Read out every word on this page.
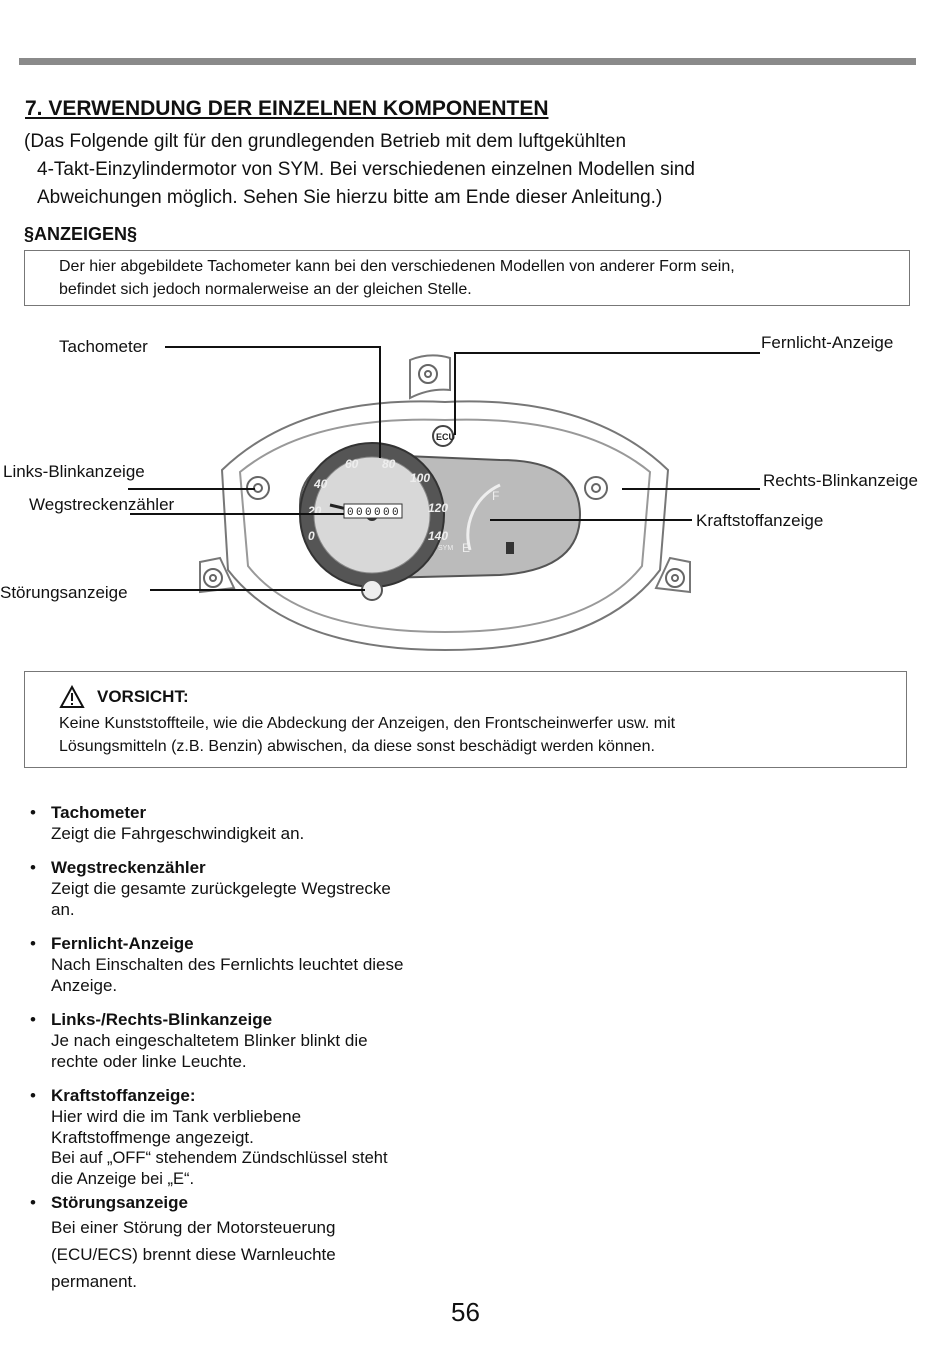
7. VERWENDUNG DER EINZELNEN KOMPONENTEN

(Das Folgende gilt für den grundlegenden Betrieb mit dem luftgekühlten
4-Takt-Einzylindermotor von SYM. Bei verschiedenen einzelnen Modellen sind
Abweichungen möglich. Sehen Sie hierzu bitte am Ende dieser Anleitung.)

§ANZEIGEN§
Der hier abgebildete Tachometer kann bei den verschiedenen Modellen von anderer Form sein,
befindet sich jedoch normalerweise an der gleichen Stelle.
0
20
40
60 80
100
120
140
0 0 0 0 0 0
F
E
SYM
ECU
Tachometer	Fernlicht-Anzeige
Links-Blinkanzeige	Rechts-Blinkanzeige
Wegstreckenzähler
Kraftstoffanzeige
Störungsanzeige
VORSICHT:
Keine Kunststoffteile, wie die Abdeckung der Anzeigen, den Frontscheinwerfer usw. mit
Lösungsmitteln (z.B. Benzin) abwischen, da diese sonst beschädigt werden können.
• Tachometer
Zeigt die Fahrgeschwindigkeit an.
• Wegstreckenzähler
Zeigt die gesamte zurückgelegte Wegstrecke
an.
• Fernlicht-Anzeige
Nach Einschalten des Fernlichts leuchtet diese
Anzeige.
• Links-/Rechts-Blinkanzeige
Je nach eingeschaltetem Blinker blinkt die
rechte oder linke Leuchte.
• Kraftstoffanzeige:
Hier wird die im Tank verbliebene
Kraftstoffmenge angezeigt.
Bei auf „OFF“ stehendem Zündschlüssel steht
die Anzeige bei „E“.
• Störungsanzeige
Bei einer Störung der Motorsteuerung
(ECU/ECS) brennt diese Warnleuchte
permanent.
56
